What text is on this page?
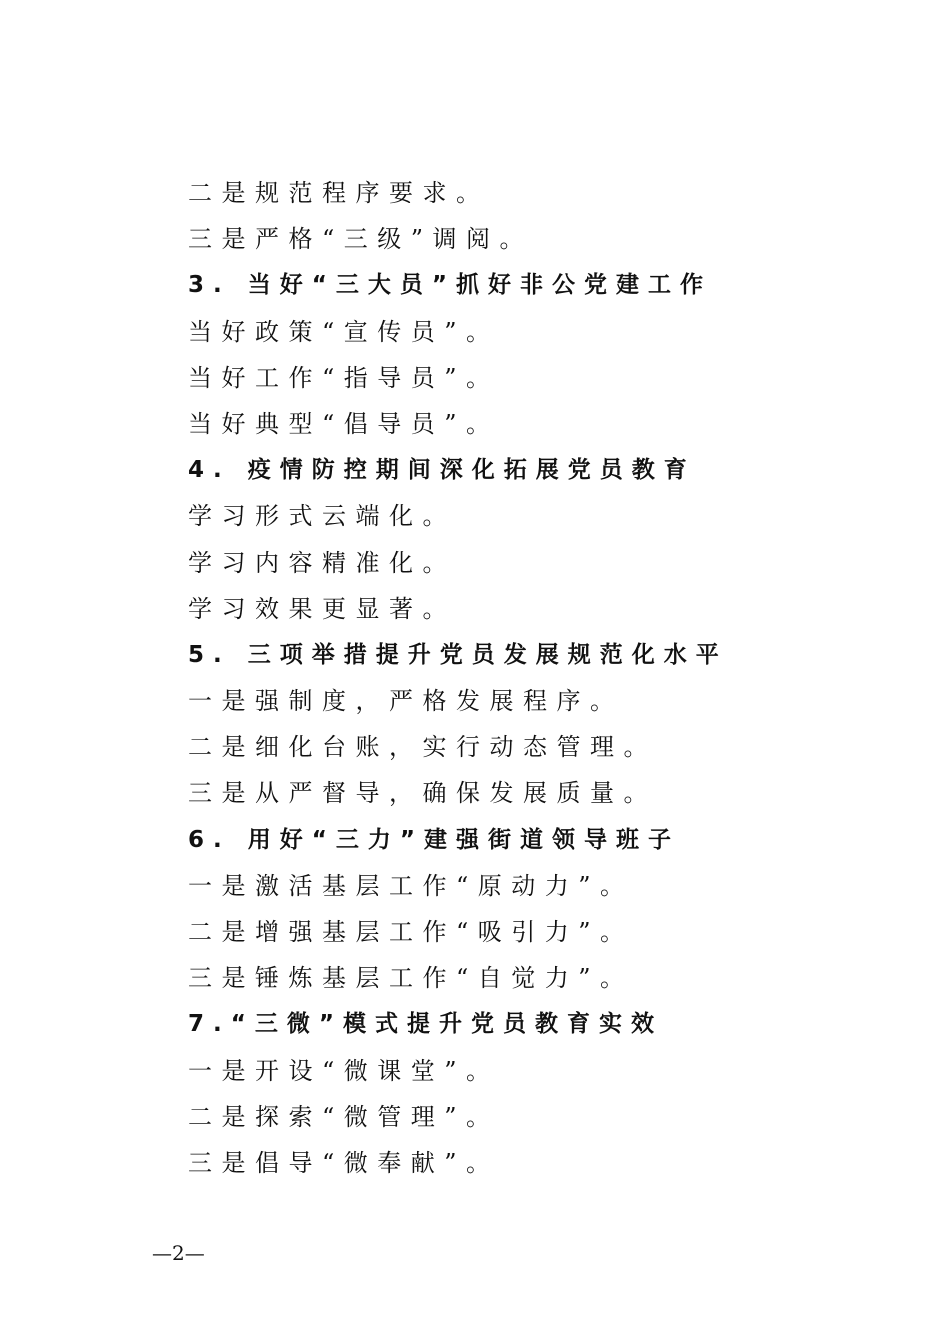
二是规范程序要求。
三是严格“三级”调阅。
3. 当好“三大员”抓好非公党建工作
当好政策“宣传员”。
当好工作“指导员”。
当好典型“倡导员”。
4. 疫情防控期间深化拓展党员教育
学习形式云端化。
学习内容精准化。
学习效果更显著。
5. 三项举措提升党员发展规范化水平
一是强制度，严格发展程序。
二是细化台账，实行动态管理。
三是从严督导，确保发展质量。
6. 用好“三力”建强街道领导班子
一是激活基层工作“原动力”。
二是增强基层工作“吸引力”。
三是锤炼基层工作“自觉力”。
7.“三微”模式提升党员教育实效
一是开设“微课堂”。
二是探索“微管理”。
三是倡导“微奉献”。
—2—
